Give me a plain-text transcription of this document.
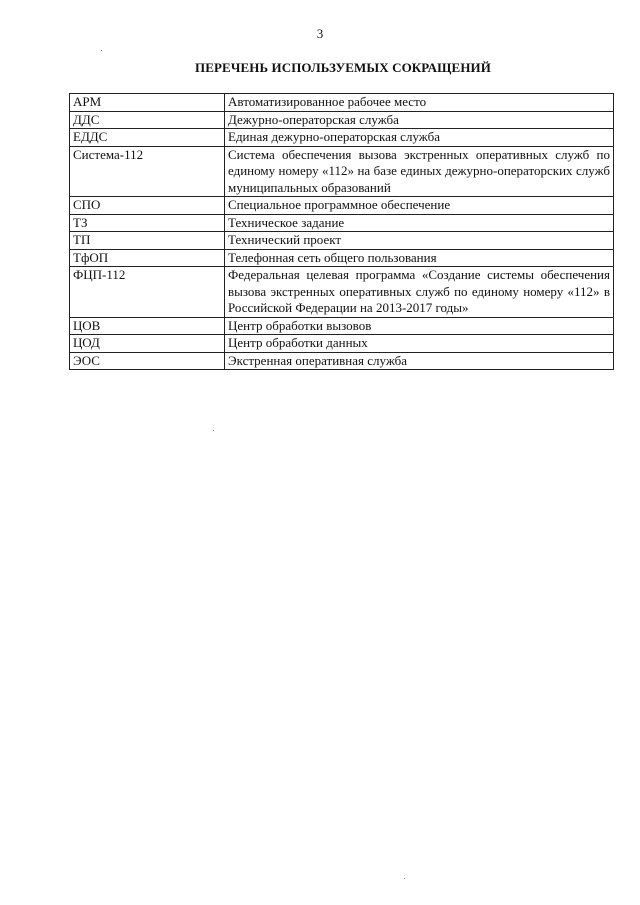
3
ПЕРЕЧЕНЬ ИСПОЛЬЗУЕМЫХ СОКРАЩЕНИЙ
АРМ	Автоматизированное рабочее место
ДДС	Дежурно-операторская служба
ЕДДС	Единая дежурно-операторская служба
Система-112	Система обеспечения вызова экстренных оперативных служб по единому номеру «112» на базе единых дежурно-операторских служб муниципальных образований
СПО	Специальное программное обеспечение
ТЗ	Техническое задание
ТП	Технический проект
ТфОП	Телефонная сеть общего пользования
ФЦП-112	Федеральная целевая программа «Создание системы обеспечения вызова экстренных оперативных служб по единому номеру «112» в Российской Федерации на 2013-2017 годы»
ЦОВ	Центр обработки вызовов
ЦОД	Центр обработки данных
ЭОС	Экстренная оперативная служба
